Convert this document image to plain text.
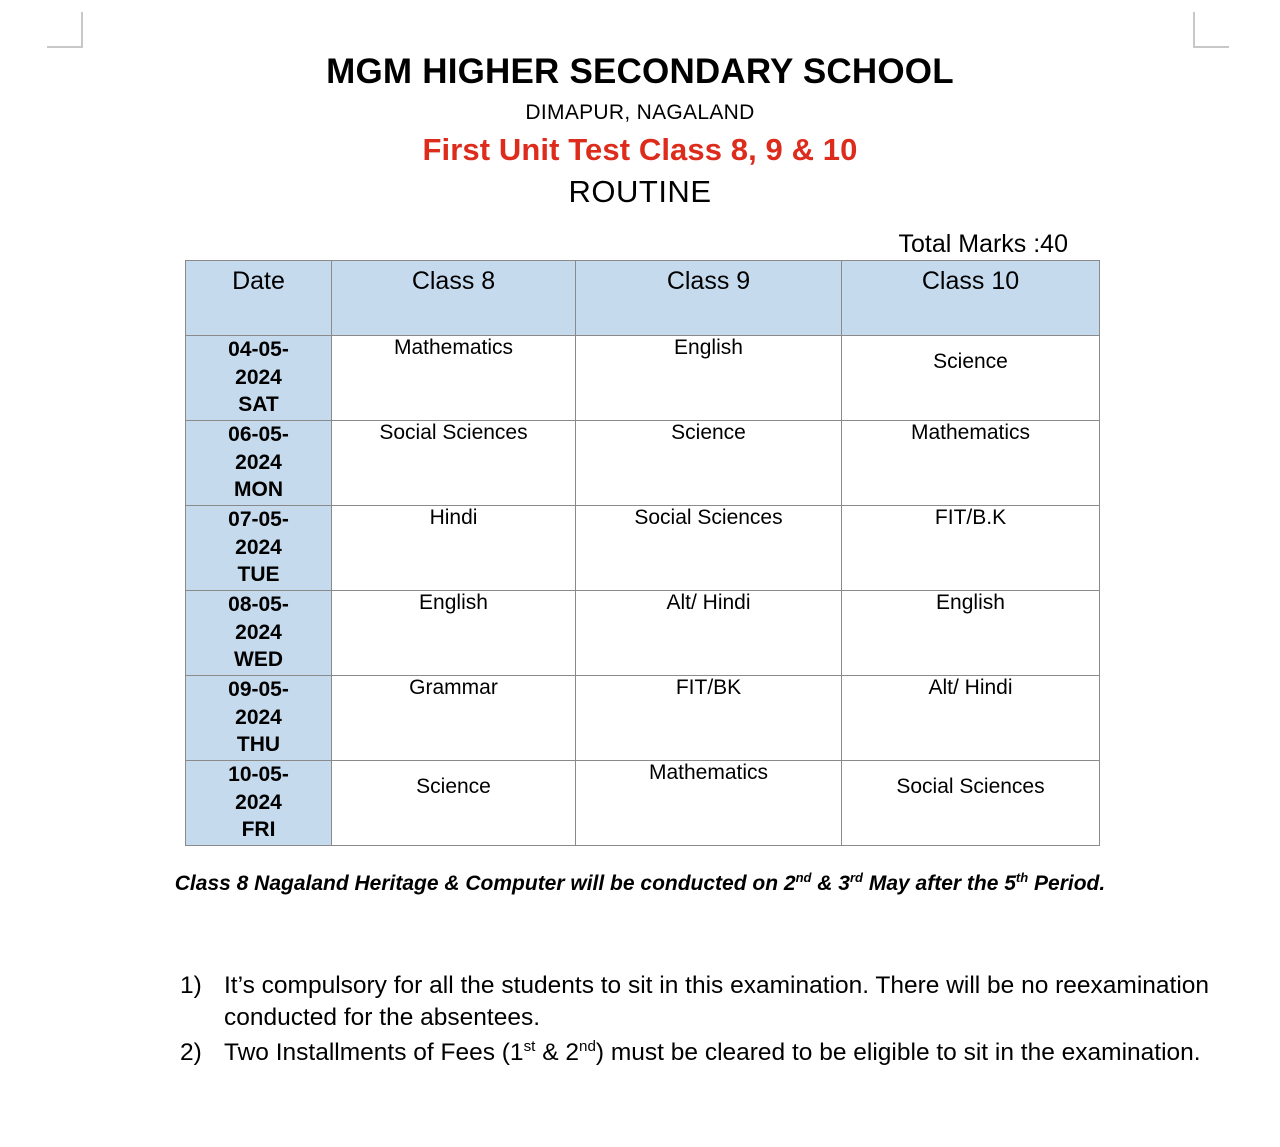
MGM HIGHER SECONDARY SCHOOL
DIMAPUR, NAGALAND
First Unit Test Class 8, 9 & 10
ROUTINE
Total Marks :40
Date	Class 8	Class 9	Class 10

04-05-
2024
SAT	Mathematics	English	Science

06-05-
2024
MON	Social Sciences	Science	Mathematics

07-05-
2024
TUE	Hindi	Social Sciences	FIT/B.K

08-05-
2024
WED	English	Alt/ Hindi	English

09-05-
2024
THU	Grammar	FIT/BK	Alt/ Hindi

10-05-
2024
FRI	Science	Mathematics	Social Sciences
Class 8 Nagaland Heritage & Computer will be conducted on 2nd & 3rd May after the 5th Period.
1) It’s compulsory for all the students to sit in this examination. There will be no reexamination conducted for the absentees.
2) Two Installments of Fees (1st & 2nd) must be cleared to be eligible to sit in the examination.
